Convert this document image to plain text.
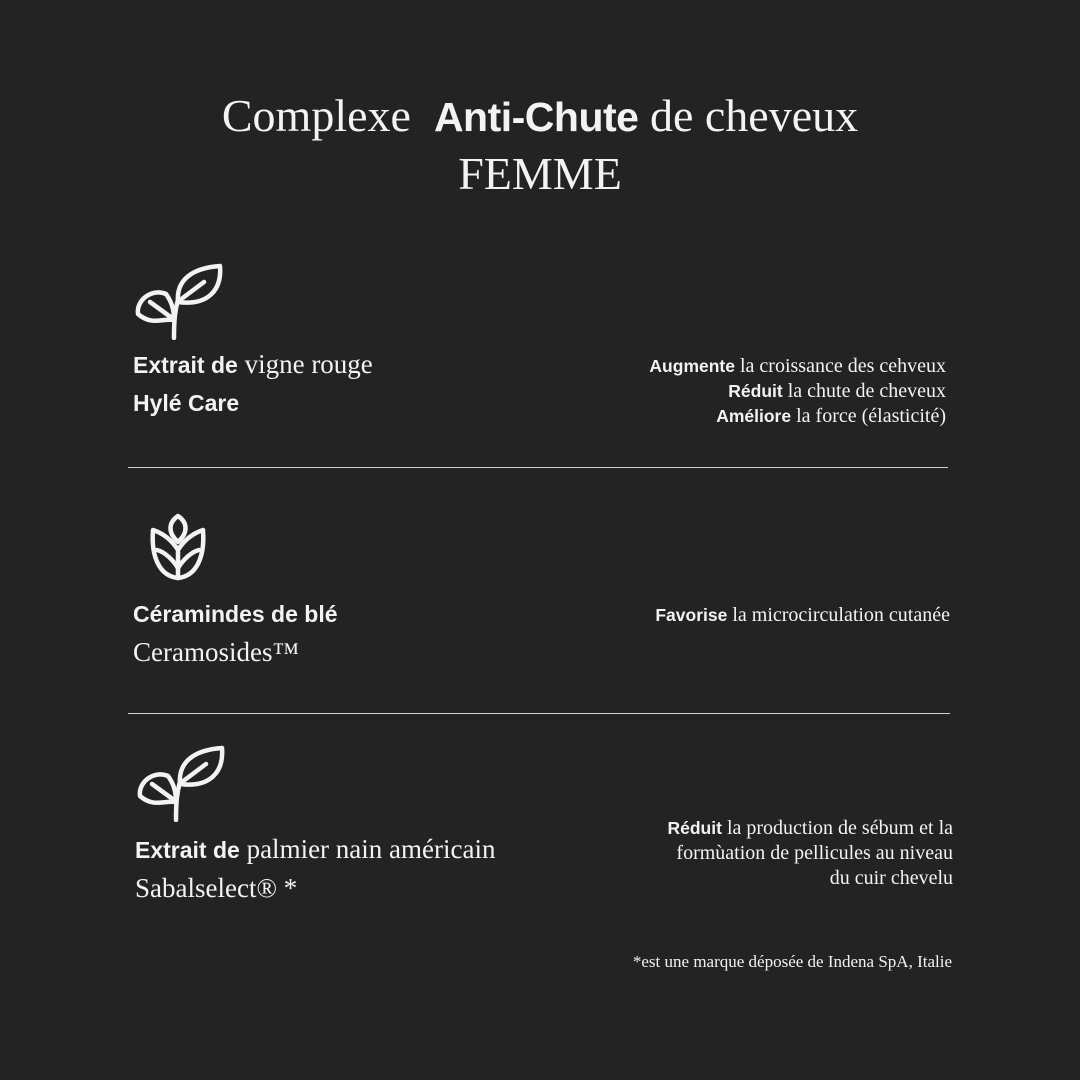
Complexe Anti-Chute de cheveux
FEMME
Extrait de vigne rouge
Hylé Care
Augmente la croissance des cehveux
Réduit la chute de cheveux
Améliore la force (élasticité)
Céramindes de blé
Ceramosides™
Favorise la microcirculation cutanée
Extrait de palmier nain américain
Sabalselect® *
Réduit la production de sébum et la
formùation de pellicules au niveau
du cuir chevelu
*est une marque déposée de Indena SpA, Italie
